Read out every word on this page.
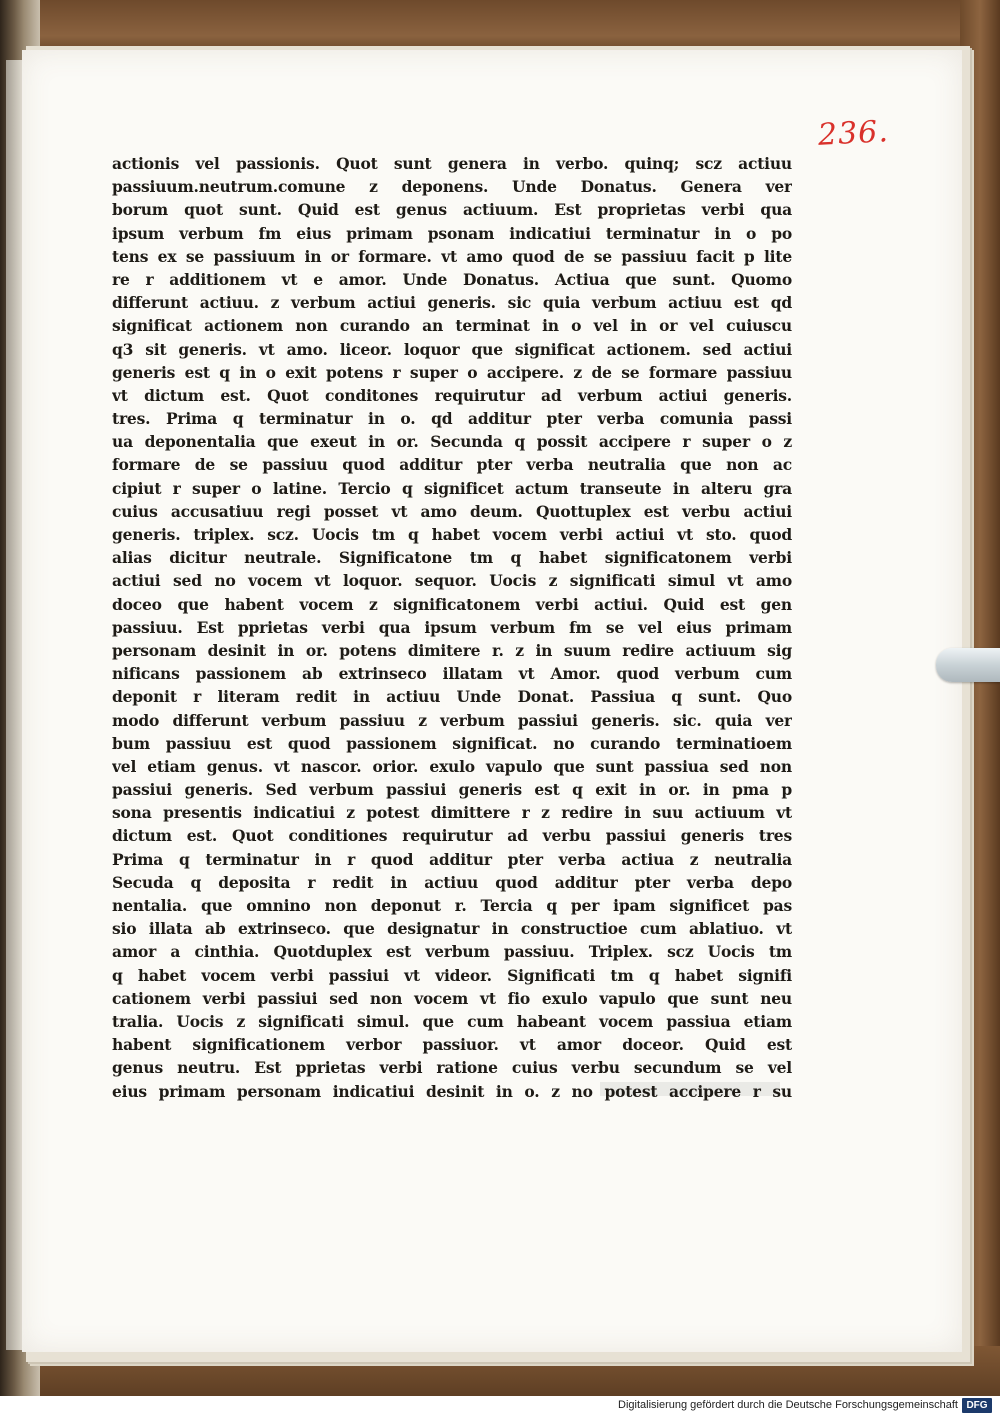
236.
actionis vel passionis. Quot sunt genera in verbo. quinq; scz actiuu
passiuum.neutrum.comune z deponens. Unde Donatus. Genera ver
borum quot sunt. Quid est genus actiuum. Est proprietas verbi qua
ipsum verbum fm eius primam psonam indicatiui terminatur in o po
tens ex se passiuum in or formare. vt amo quod de se passiuu facit p lite
re r additionem vt e amor. Unde Donatus. Actiua que sunt. Quomo
differunt actiuu. z verbum actiui generis. sic quia verbum actiuu est qd
significat actionem non curando an terminat in o vel in or vel cuiuscu
q3 sit generis. vt amo. liceor. loquor que significat actionem. sed actiui
generis est q in o exit potens r super o accipere. z de se formare passiuu
vt dictum est. Quot conditones requirutur ad verbum actiui generis.
tres. Prima q terminatur in o. qd additur pter verba comunia passi
ua deponentalia que exeut in or. Secunda q possit accipere r super o z
formare de se passiuu quod additur pter verba neutralia que non ac
cipiut r super o latine. Tercio q significet actum transeute in alteru gra
cuius accusatiuu regi posset vt amo deum. Quottuplex est verbu actiui
generis. triplex. scz. Uocis tm q habet vocem verbi actiui vt sto. quod
alias dicitur neutrale. Significatone tm q habet significatonem verbi
actiui sed no vocem vt loquor. sequor. Uocis z significati simul vt amo
doceo que habent vocem z significatonem verbi actiui. Quid est gen
passiuu. Est pprietas verbi qua ipsum verbum fm se vel eius primam
personam desinit in or. potens dimitere r. z in suum redire actiuum sig
nificans passionem ab extrinseco illatam vt Amor. quod verbum cum
deponit r literam redit in actiuu Unde Donat. Passiua q sunt. Quo
modo differunt verbum passiuu z verbum passiui generis. sic. quia ver
bum passiuu est quod passionem significat. no curando terminatioem
vel etiam genus. vt nascor. orior. exulo vapulo que sunt passiua sed non
passiui generis. Sed verbum passiui generis est q exit in or. in pma p
sona presentis indicatiui z potest dimittere r z redire in suu actiuum vt
dictum est. Quot conditiones requirutur ad verbu passiui generis tres
Prima q terminatur in r quod additur pter verba actiua z neutralia
Secuda q deposita r redit in actiuu quod additur pter verba depo
nentalia. que omnino non deponut r. Tercia q per ipam significet pas
sio illata ab extrinseco. que designatur in constructioe cum ablatiuo. vt
amor a cinthia. Quotduplex est verbum passiuu. Triplex. scz Uocis tm
q habet vocem verbi passiui vt videor. Significati tm q habet signifi
cationem verbi passiui sed non vocem vt fio exulo vapulo que sunt neu
tralia. Uocis z significati simul. que cum habeant vocem passiua etiam
habent significationem verbor passiuor. vt amor doceor. Quid est
genus neutru. Est pprietas verbi ratione cuius verbu secundum se vel
eius primam personam indicatiui desinit in o. z no potest accipere r su
Digitalisierung gefördert durch die Deutsche Forschungsgemeinschaft DFG
